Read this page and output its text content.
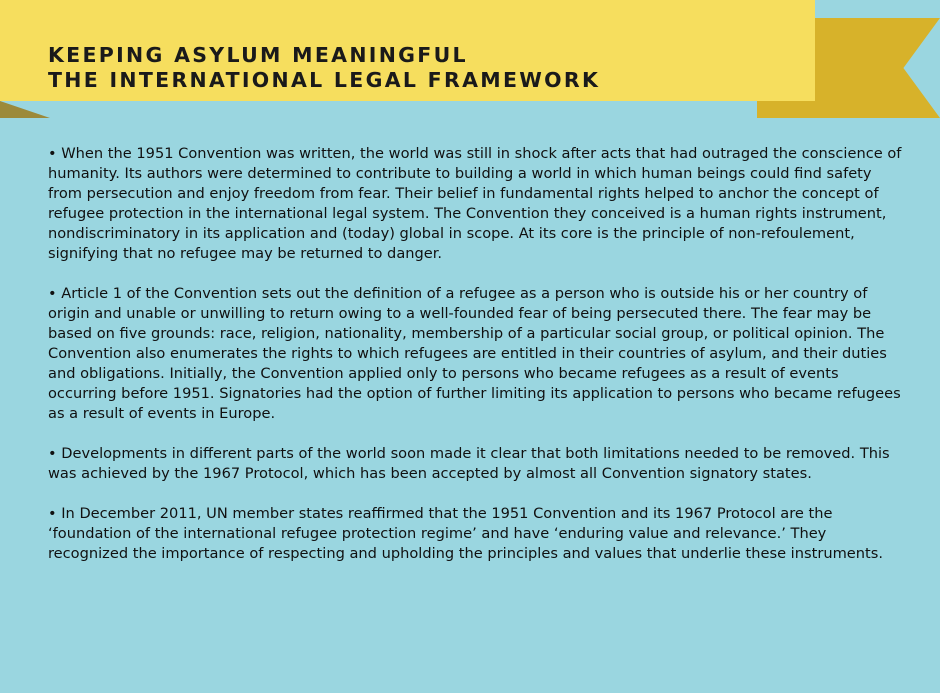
KEEPING ASYLUM MEANINGFUL
THE INTERNATIONAL LEGAL FRAMEWORK

• When the 1951 Convention was written, the world was still in shock after acts that had outraged the conscience of humanity. Its authors were determined to contribute to building a world in which human beings could find safety from persecution and enjoy freedom from fear. Their belief in fundamental rights helped to anchor the concept of refugee protection in the international legal system. The Convention they conceived is a human rights instrument, nondiscriminatory in its application and (today) global in scope. At its core is the principle of non-refoulement, signifying that no refugee may be returned to danger.

• Article 1 of the Convention sets out the definition of a refugee as a person who is outside his or her country of origin and unable or unwilling to return owing to a well-founded fear of being persecuted there. The fear may be based on five grounds: race, religion, nationality, membership of a particular social group, or political opinion. The Convention also enumerates the rights to which refugees are entitled in their countries of asylum, and their duties and obligations. Initially, the Convention applied only to persons who became refugees as a result of events occurring before 1951. Signatories had the option of further limiting its application to persons who became refugees as a result of events in Europe.

• Developments in different parts of the world soon made it clear that both limitations needed to be removed. This was achieved by the 1967 Protocol, which has been accepted by almost all Convention signatory states.

• In December 2011, UN member states reaffirmed that the 1951 Convention and its 1967 Protocol are the ‘foundation of the international refugee protection regime’ and have ‘enduring value and relevance.’ They recognized the importance of respecting and upholding the principles and values that underlie these instruments.
